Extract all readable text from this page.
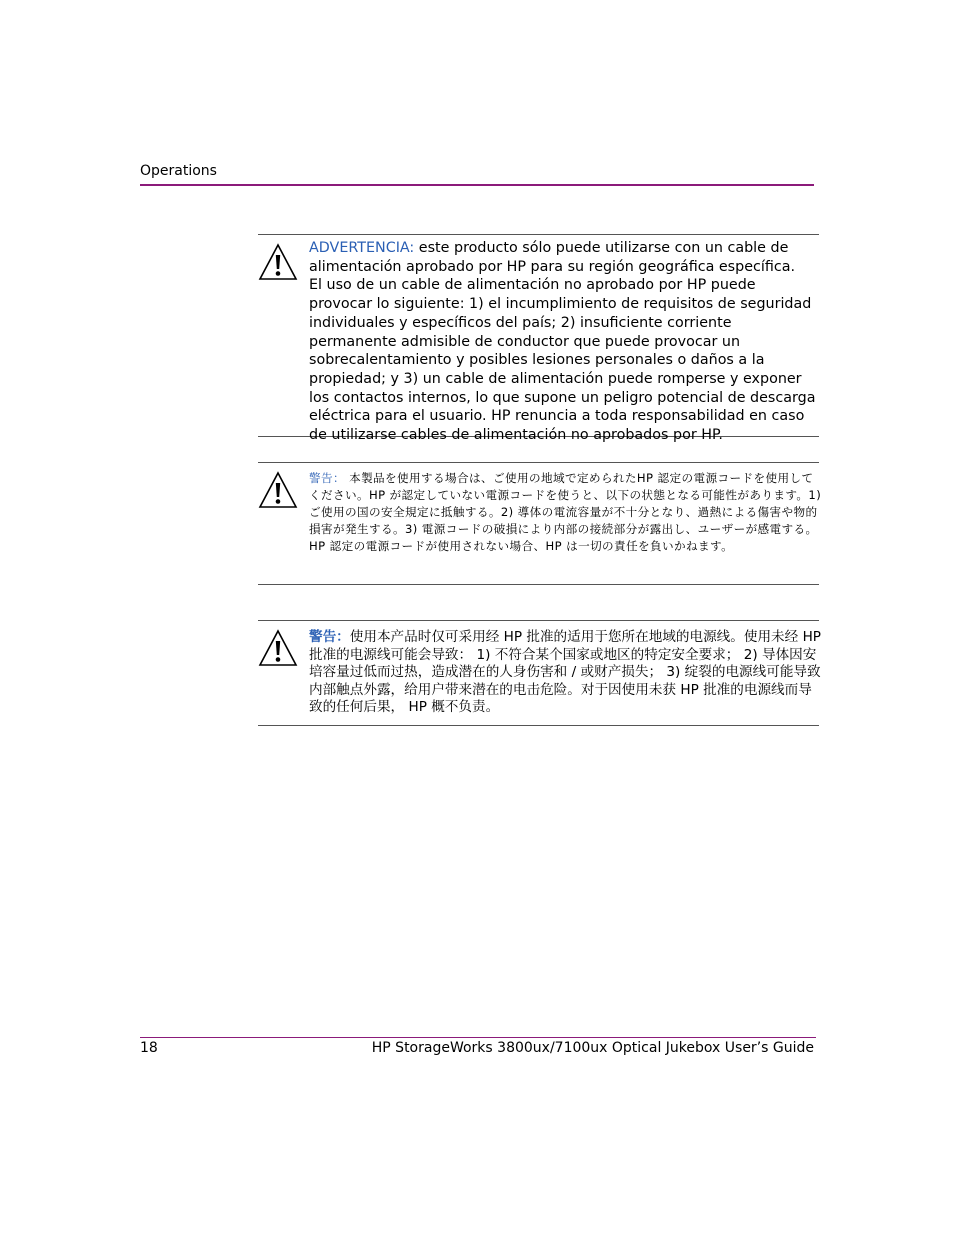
Operations
ADVERTENCIA: este producto sólo puede utilizarse con un cable de alimentación aprobado por HP para su región geográfica específica.
El uso de un cable de alimentación no aprobado por HP puede provocar lo siguiente: 1) el incumplimiento de requisitos de seguridad individuales y específicos del país; 2) insuficiente corriente permanente admisible de conductor que puede provocar un sobrecalentamiento y posibles lesiones personales o daños a la propiedad; y 3) un cable de alimentación puede romperse y exponer los contactos internos, lo que supone un peligro potencial de descarga eléctrica para el usuario. HP renuncia a toda responsabilidad en caso de utilizarse cables de alimentación no aprobados por HP.
警告： 本製品を使用する場合は、ご使用の地域で定められたHP 認定の電源コードを使用してください。HP が認定していない電源コードを使うと、以下の状態となる可能性があります。1) ご使用の国の安全規定に抵触する。2) 導体の電流容量が不十分となり、過熱による傷害や物的損害が発生する。3) 電源コードの破損により内部の接続部分が露出し、ユーザーが感電する。
HP 認定の電源コードが使用されない場合、HP は一切の責任を負いかねます。
警告：使用本产品时仅可采用经 HP 批准的适用于您所在地域的电源线。使用未经 HP 批准的电源线可能会导致： 1) 不符合某个国家或地区的特定安全要求； 2) 导体因安培容量过低而过热，造成潜在的人身伤害和 / 或财产损失； 3) 绽裂的电源线可能导致内部触点外露，给用户带来潜在的电击危险。对于因使用未获 HP 批准的电源线而导致的任何后果， HP 概不负责。
18	HP StorageWorks 3800ux/7100ux Optical Jukebox User’s Guide
